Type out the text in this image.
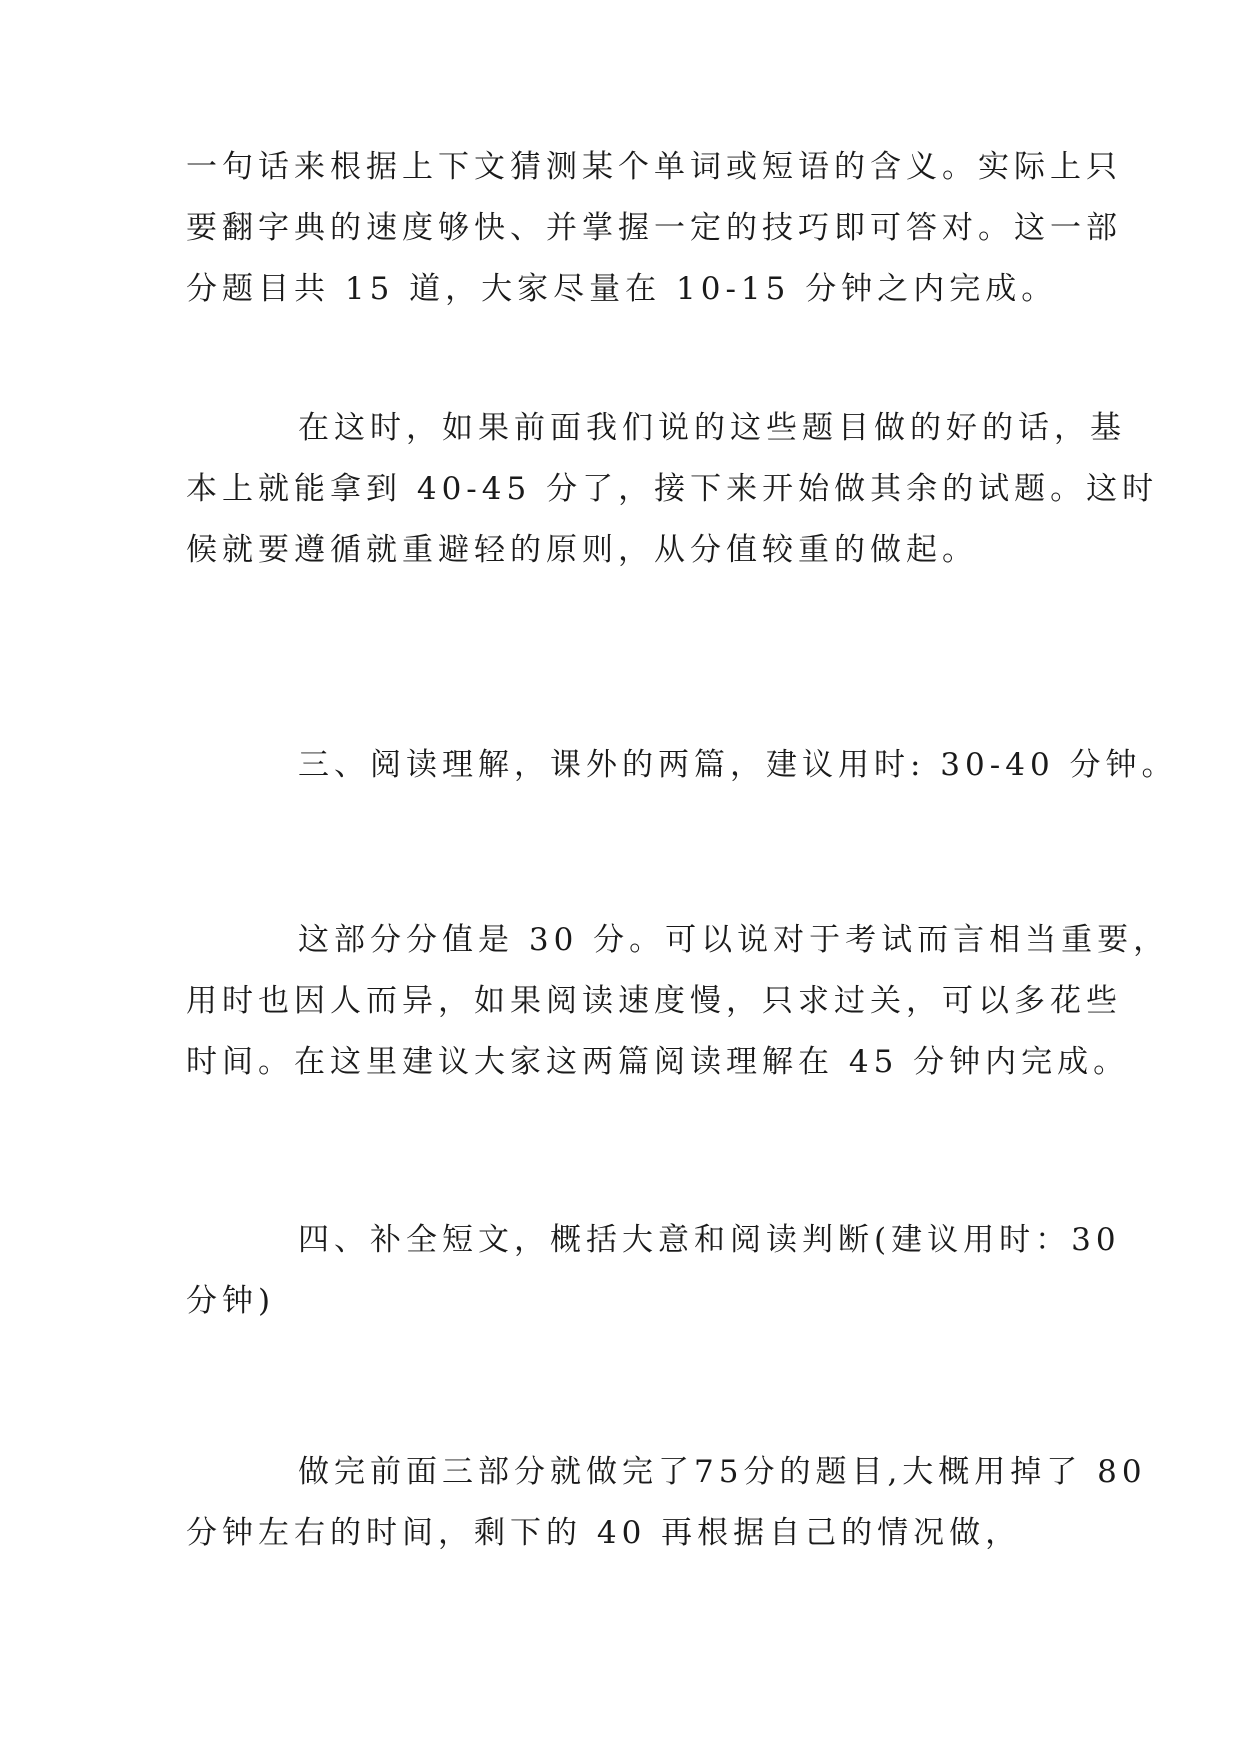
一句话来根据上下文猜测某个单词或短语的含义。实际上只
要翻字典的速度够快、并掌握一定的技巧即可答对。这一部
分题目共 15 道，大家尽量在 10-15 分钟之内完成。

在这时，如果前面我们说的这些题目做的好的话，基
本上就能拿到 40-45 分了，接下来开始做其余的试题。这时
候就要遵循就重避轻的原则，从分值较重的做起。

三、阅读理解，课外的两篇，建议用时: 30-40 分钟。

这部分分值是 30 分。可以说对于考试而言相当重要，
用时也因人而异，如果阅读速度慢，只求过关，可以多花些
时间。在这里建议大家这两篇阅读理解在 45 分钟内完成。

四、补全短文，概括大意和阅读判断(建议用时：30
分钟)

做完前面三部分就做完了75分的题目,大概用掉了 80
分钟左右的时间，剩下的 40 再根据自己的情况做，
